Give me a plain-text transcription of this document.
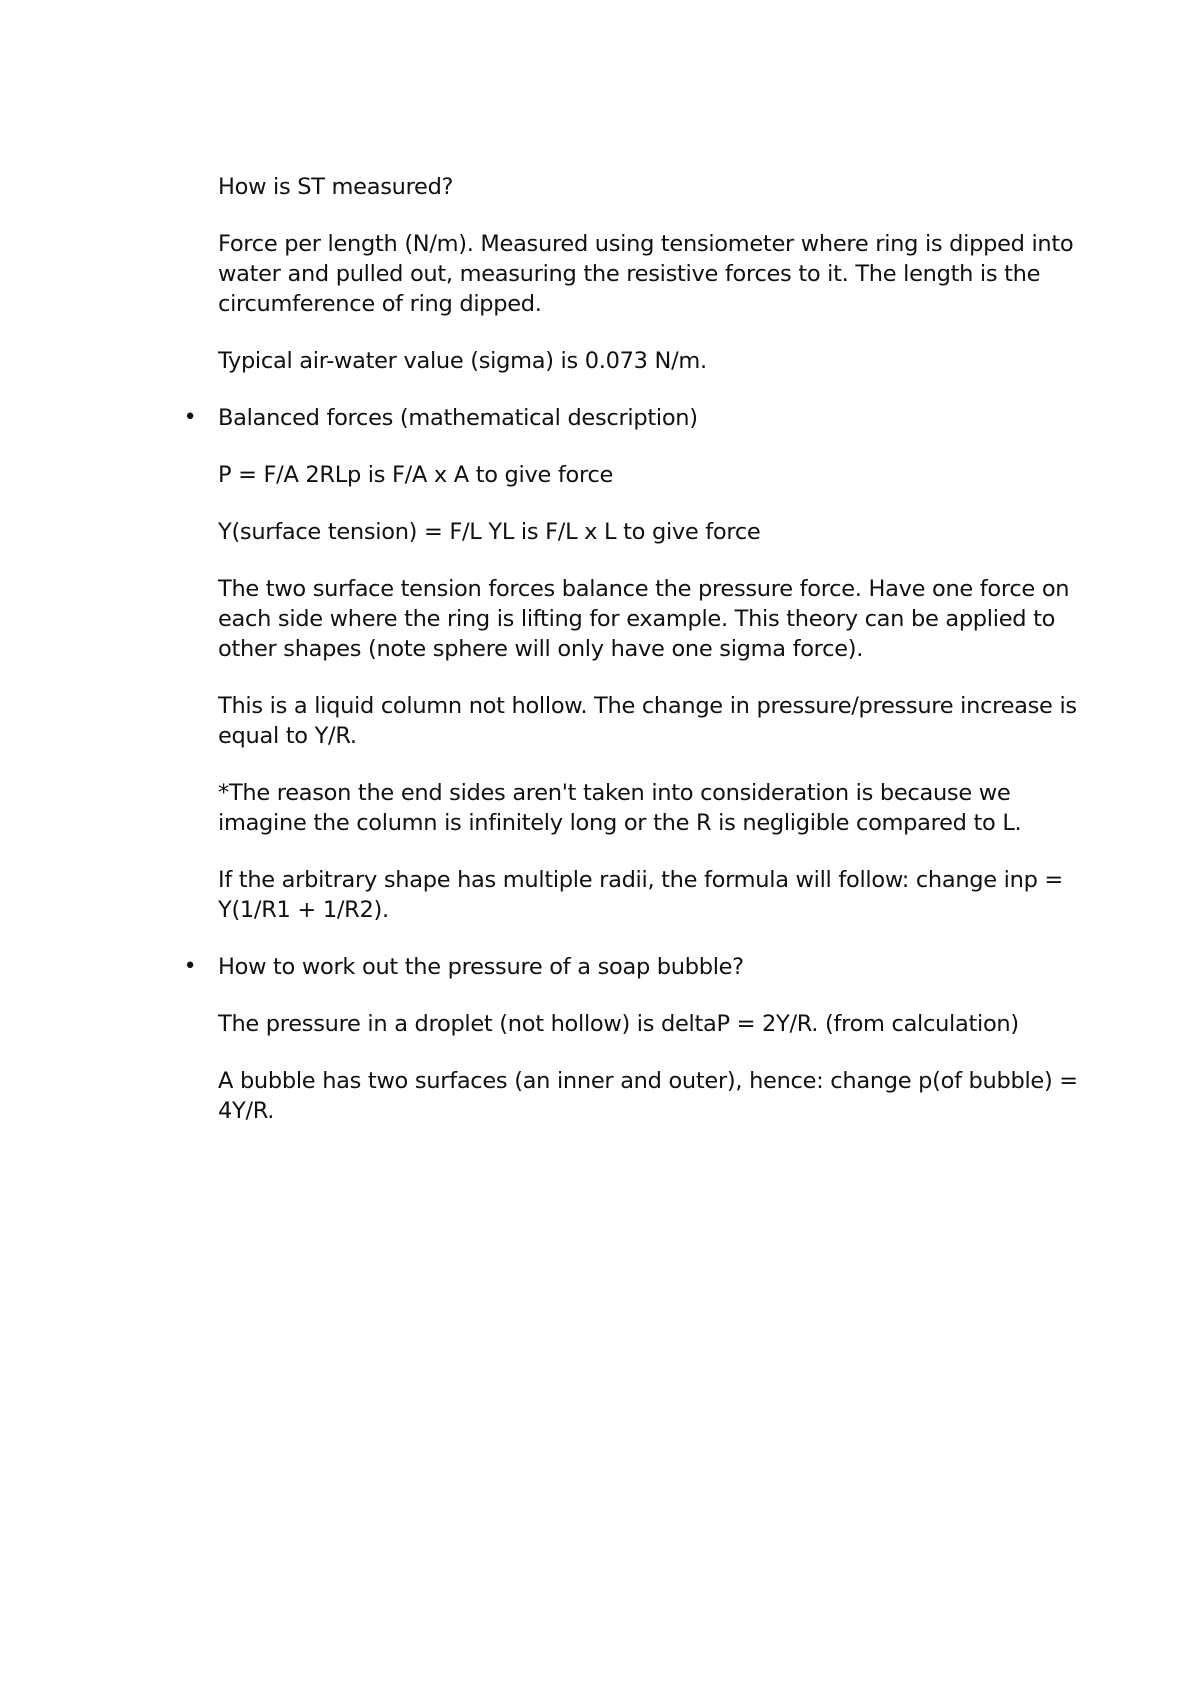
How is ST measured?

Force per length (N/m). Measured using tensiometer where ring is dipped into water and pulled out, measuring the resistive forces to it. The length is the circumference of ring dipped.

Typical air-water value (sigma) is 0.073 N/m.

• Balanced forces (mathematical description)

P = F/A 2RLp is F/A x A to give force

Y(surface tension) = F/L YL is F/L x L to give force

The two surface tension forces balance the pressure force. Have one force on each side where the ring is lifting for example. This theory can be applied to other shapes (note sphere will only have one sigma force).

This is a liquid column not hollow. The change in pressure/pressure increase is equal to Y/R.

*The reason the end sides aren't taken into consideration is because we imagine the column is infinitely long or the R is negligible compared to L.

If the arbitrary shape has multiple radii, the formula will follow: change inp = Y(1/R1 + 1/R2).

• How to work out the pressure of a soap bubble?

The pressure in a droplet (not hollow) is deltaP = 2Y/R. (from calculation)

A bubble has two surfaces (an inner and outer), hence: change p(of bubble) = 4Y/R.
